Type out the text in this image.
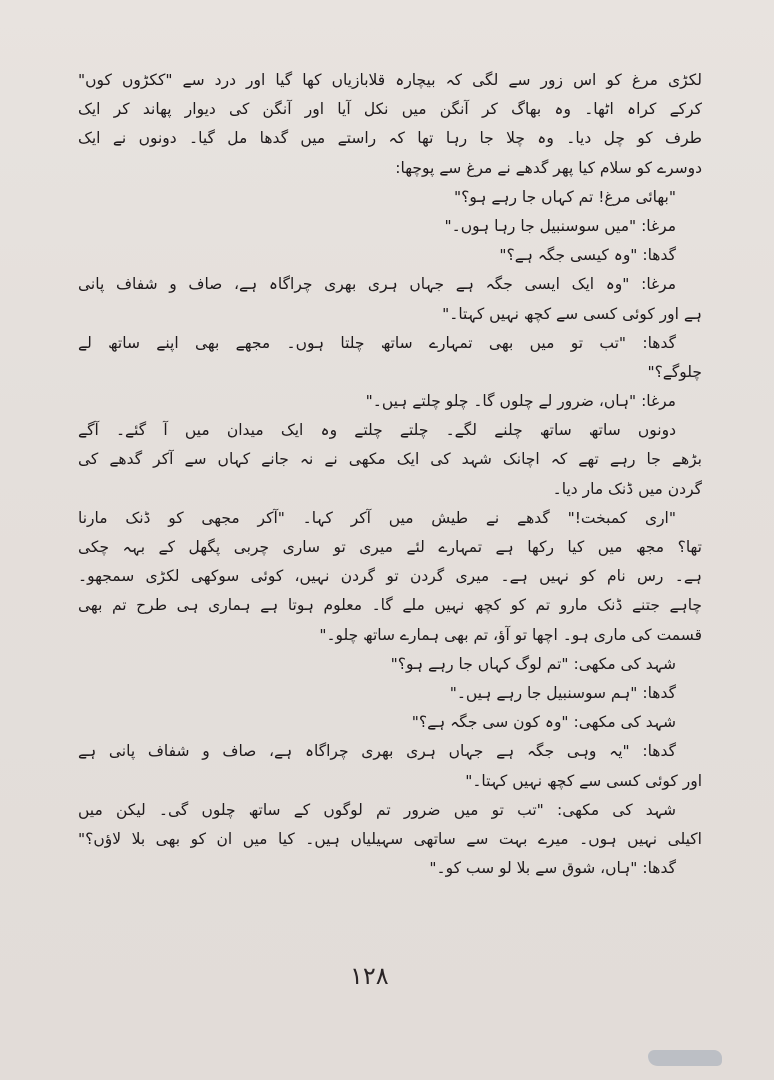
لکڑی مرغ کو اس زور سے لگی کہ بیچارہ قلابازیاں کھا گیا اور درد سے "ککڑوں کوں"
کرکے کراہ اٹھا۔ وہ بھاگ کر آنگن میں نکل آیا اور آنگن کی دیوار پھاند کر ایک
طرف کو چل دیا۔ وہ چلا جا رہا تھا کہ راستے میں گدھا مل گیا۔ دونوں نے ایک
دوسرے کو سلام کیا پھر گدھے نے مرغ سے پوچھا:
"بھائی مرغ! تم کہاں جا رہے ہو؟"
مرغا: "میں سوسنبیل جا رہا ہوں۔"
گدھا: "وہ کیسی جگہ ہے؟"
مرغا: "وہ ایک ایسی جگہ ہے جہاں ہری بھری چراگاہ ہے، صاف و شفاف پانی
ہے اور کوئی کسی سے کچھ نہیں کہتا۔"
گدھا: "تب تو میں بھی تمہارے ساتھ چلتا ہوں۔ مجھے بھی اپنے ساتھ لے
چلوگے؟"
مرغا: "ہاں، ضرور لے چلوں گا۔ چلو چلتے ہیں۔"
دونوں ساتھ ساتھ چلنے لگے۔ چلتے چلتے وہ ایک میدان میں آ گئے۔ آگے
بڑھے جا رہے تھے کہ اچانک شہد کی ایک مکھی نے نہ جانے کہاں سے آکر گدھے کی
گردن میں ڈنک مار دیا۔
"اری کمبخت!" گدھے نے طیش میں آکر کہا۔ "آکر مجھی کو ڈنک مارنا
تھا؟ مجھ میں کیا رکھا ہے تمہارے لئے میری تو ساری چربی پگھل کے بہہ چکی
ہے۔ رس نام کو نہیں ہے۔ میری گردن تو گردن نہیں، کوئی سوکھی لکڑی سمجھو۔
چاہے جتنے ڈنک مارو تم کو کچھ نہیں ملے گا۔ معلوم ہوتا ہے ہماری ہی طرح تم بھی
قسمت کی ماری ہو۔ اچھا تو آؤ، تم بھی ہمارے ساتھ چلو۔"
شہد کی مکھی: "تم لوگ کہاں جا رہے ہو؟"
گدھا: "ہم سوسنبیل جا رہے ہیں۔"
شہد کی مکھی: "وہ کون سی جگہ ہے؟"
گدھا: "یہ وہی جگہ ہے جہاں ہری بھری چراگاہ ہے، صاف و شفاف پانی ہے
اور کوئی کسی سے کچھ نہیں کہتا۔"
شہد کی مکھی: "تب تو میں ضرور تم لوگوں کے ساتھ چلوں گی۔ لیکن میں
اکیلی نہیں ہوں۔ میرے بہت سے ساتھی سہیلیاں ہیں۔ کیا میں ان کو بھی بلا لاؤں؟"
گدھا: "ہاں، شوق سے بلا لو سب کو۔"
۱۲۸
